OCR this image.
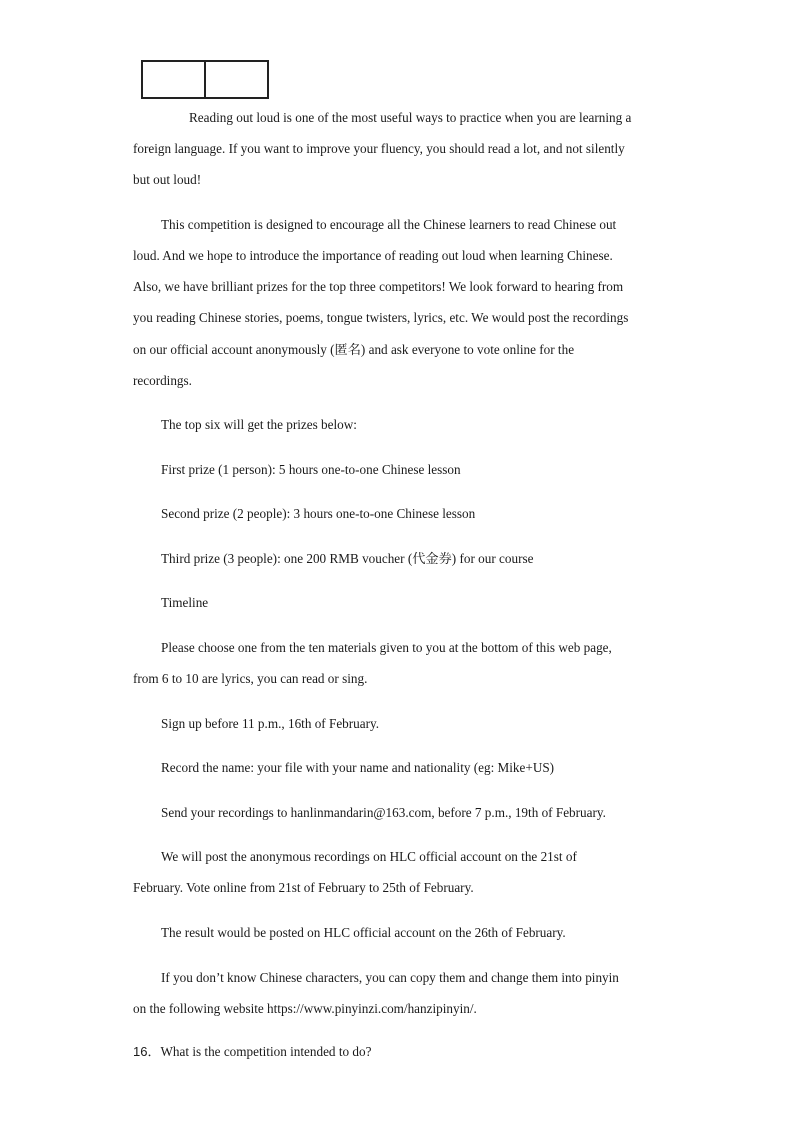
Reading out loud is one of the most useful ways to practice when you are learning a
foreign language. If you want to improve your fluency, you should read a lot, and not silently
but out loud!
This competition is designed to encourage all the Chinese learners to read Chinese out
loud. And we hope to introduce the importance of reading out loud when learning Chinese.
Also, we have brilliant prizes for the top three competitors! We look forward to hearing from
you reading Chinese stories, poems, tongue twisters, lyrics, etc. We would post the recordings
on our official account anonymously (匿名) and ask everyone to vote online for the
recordings.
The top six will get the prizes below:
First prize (1 person): 5 hours one-to-one Chinese lesson
Second prize (2 people): 3 hours one-to-one Chinese lesson
Third prize (3 people): one 200 RMB voucher (代金券) for our course
Timeline
Please choose one from the ten materials given to you at the bottom of this web page,
from 6 to 10 are lyrics, you can read or sing.
Sign up before 11 p.m., 16th of February.
Record the name: your file with your name and nationality (eg: Mike+US)
Send your recordings to hanlinmandarin@163.com, before 7 p.m., 19th of February.
We will post the anonymous recordings on HLC official account on the 21st of
February. Vote online from 21st of February to 25th of February.
The result would be posted on HLC official account on the 26th of February.
If you don’t know Chinese characters, you can copy them and change them into pinyin
on the following website https://www.pinyinzi.com/hanzipinyin/.
16．What is the competition intended to do?
